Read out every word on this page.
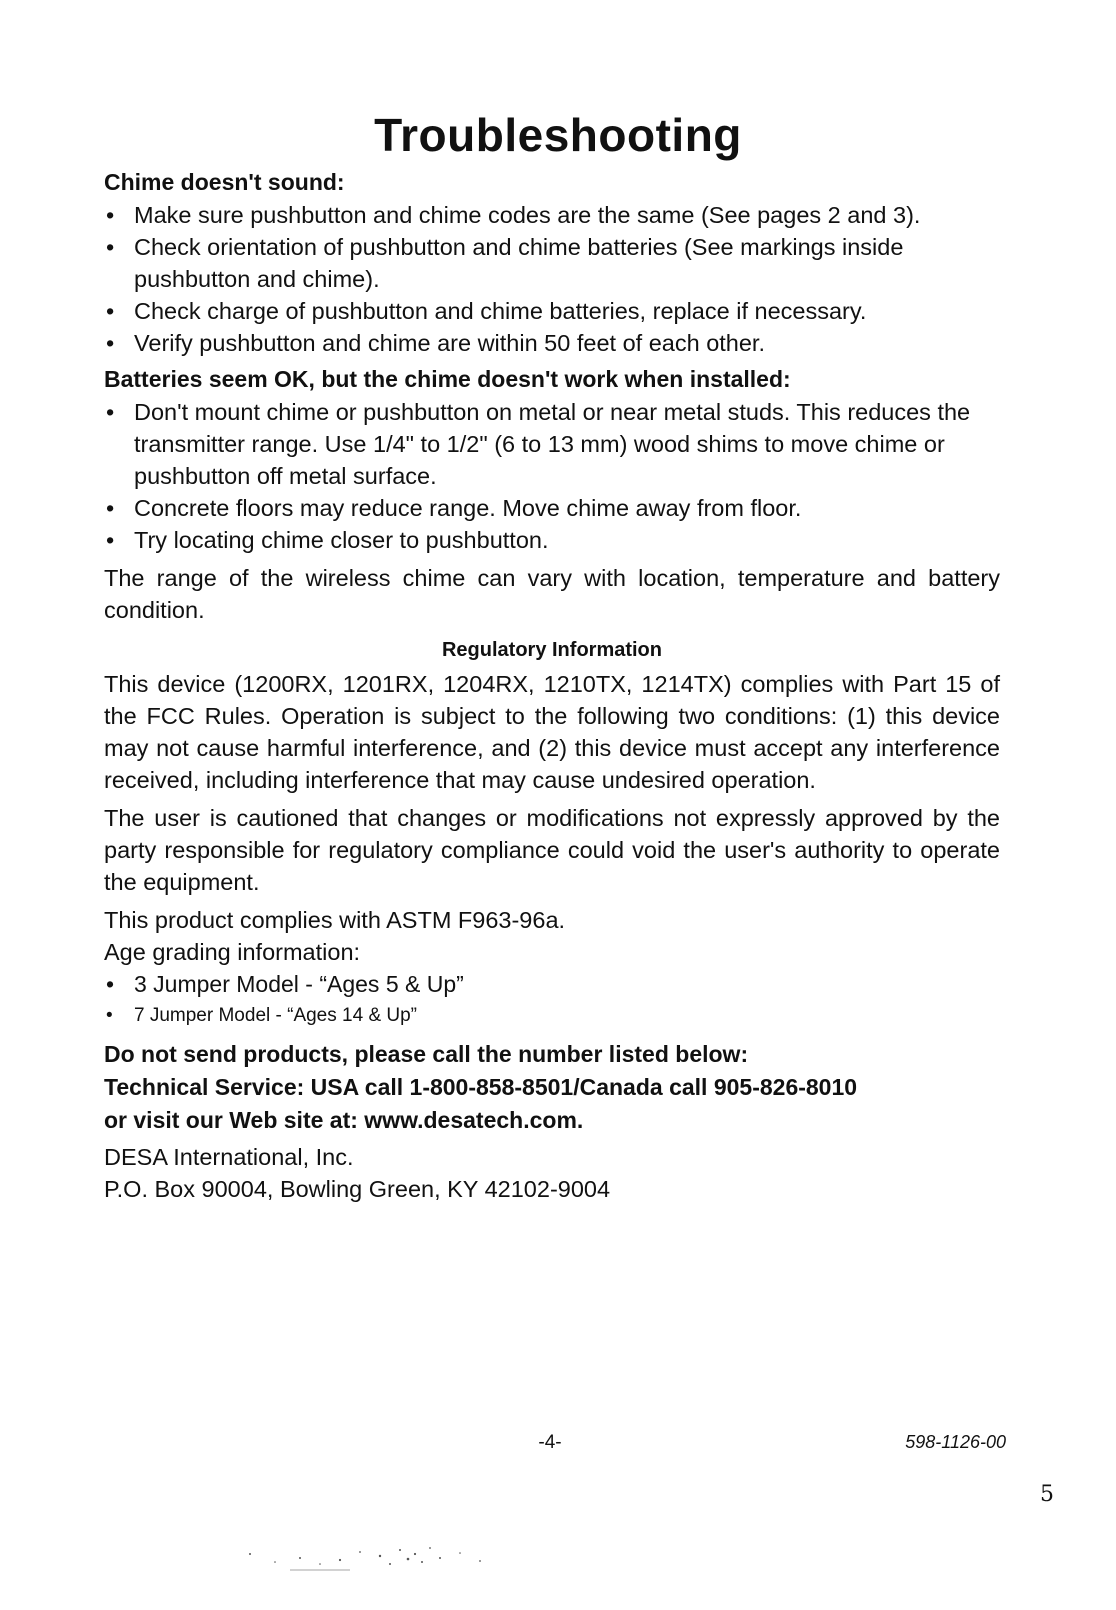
Troubleshooting

Chime doesn't sound:

• Make sure pushbutton and chime codes are the same (See pages 2 and 3).
• Check orientation of pushbutton and chime batteries (See markings inside pushbutton and chime).
• Check charge of pushbutton and chime batteries, replace if necessary.
• Verify pushbutton and chime are within 50 feet of each other.

Batteries seem OK, but the chime doesn't work when installed:

• Don't mount chime or pushbutton on metal or near metal studs. This reduces the transmitter range. Use 1/4" to 1/2" (6 to 13 mm) wood shims to move chime or pushbutton off metal surface.
• Concrete floors may reduce range. Move chime away from floor.
• Try locating chime closer to pushbutton.

The range of the wireless chime can vary with location, temperature and battery condition.

Regulatory Information

This device (1200RX, 1201RX, 1204RX, 1210TX, 1214TX) complies with Part 15 of the FCC Rules. Operation is subject to the following two conditions: (1) this device may not cause harmful interference, and (2) this device must accept any interference received, including interference that may cause undesired operation.

The user is cautioned that changes or modifications not expressly approved by the party responsible for regulatory compliance could void the user's authority to operate the equipment.

This product complies with ASTM F963-96a.

Age grading information:

• 3 Jumper Model - “Ages 5 & Up”
• 7 Jumper Model - “Ages 14 & Up”

Do not send products, please call the number listed below:

Technical Service: USA call 1-800-858-8501/Canada call 905-826-8010

or visit our Web site at: www.desatech.com.

DESA International, Inc.

P.O. Box 90004, Bowling Green, KY 42102-9004

-4-	598-1126-00
5
